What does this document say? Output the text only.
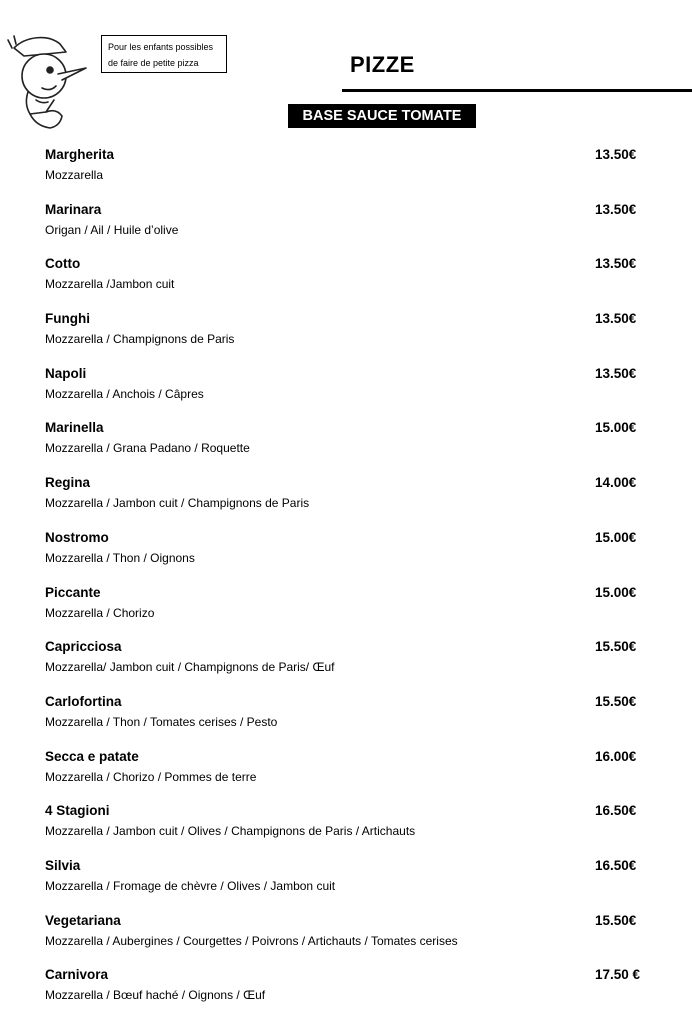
Pour les enfants possibles
de faire de petite pizza	PIZZE
BASE SAUCE TOMATE
Margherita	13.50€
Mozzarella
Marinara	13.50€
Origan / Ail / Huile d’olive
Cotto	13.50€
Mozzarella /Jambon cuit
Funghi	13.50€
Mozzarella / Champignons de Paris
Napoli	13.50€
Mozzarella / Anchois / Câpres
Marinella	15.00€
Mozzarella / Grana Padano / Roquette
Regina	14.00€
Mozzarella / Jambon cuit / Champignons de Paris
Nostromo	15.00€
Mozzarella / Thon / Oignons
Piccante	15.00€
Mozzarella / Chorizo
Capricciosa	15.50€
Mozzarella/ Jambon cuit / Champignons de Paris/ Œuf
Carlofortina	15.50€
Mozzarella / Thon / Tomates cerises / Pesto
Secca e patate	16.00€
Mozzarella / Chorizo / Pommes de terre
4 Stagioni	16.50€
Mozzarella / Jambon cuit / Olives / Champignons de Paris / Artichauts
Silvia	16.50€
Mozzarella / Fromage de chèvre / Olives / Jambon cuit
Vegetariana	15.50€
Mozzarella / Aubergines / Courgettes / Poivrons / Artichauts / Tomates cerises
Carnivora	17.50 €
Mozzarella / Bœuf haché / Oignons / Œuf
